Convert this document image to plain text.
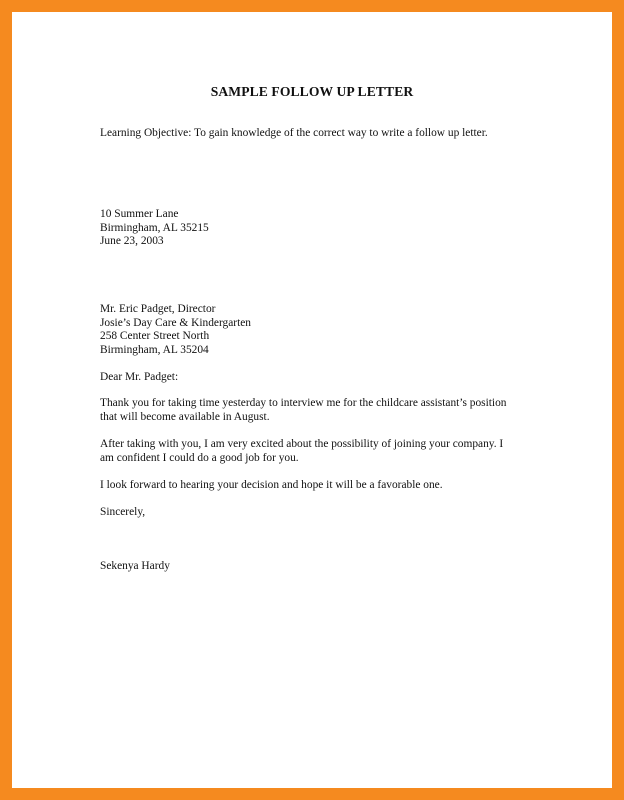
SAMPLE FOLLOW UP LETTER
Learning Objective: To gain knowledge of the correct way to write a follow up letter.
10 Summer Lane
Birmingham, AL 35215
June 23, 2003
Mr. Eric Padget, Director
Josie’s Day Care & Kindergarten
258 Center Street North
Birmingham, AL 35204
Dear Mr. Padget:
Thank you for taking time yesterday to interview me for the childcare assistant’s position
that will become available in August.
After taking with you, I am very excited about the possibility of joining your company. I
am confident I could do a good job for you.
I look forward to hearing your decision and hope it will be a favorable one.
Sincerely,
Sekenya Hardy
